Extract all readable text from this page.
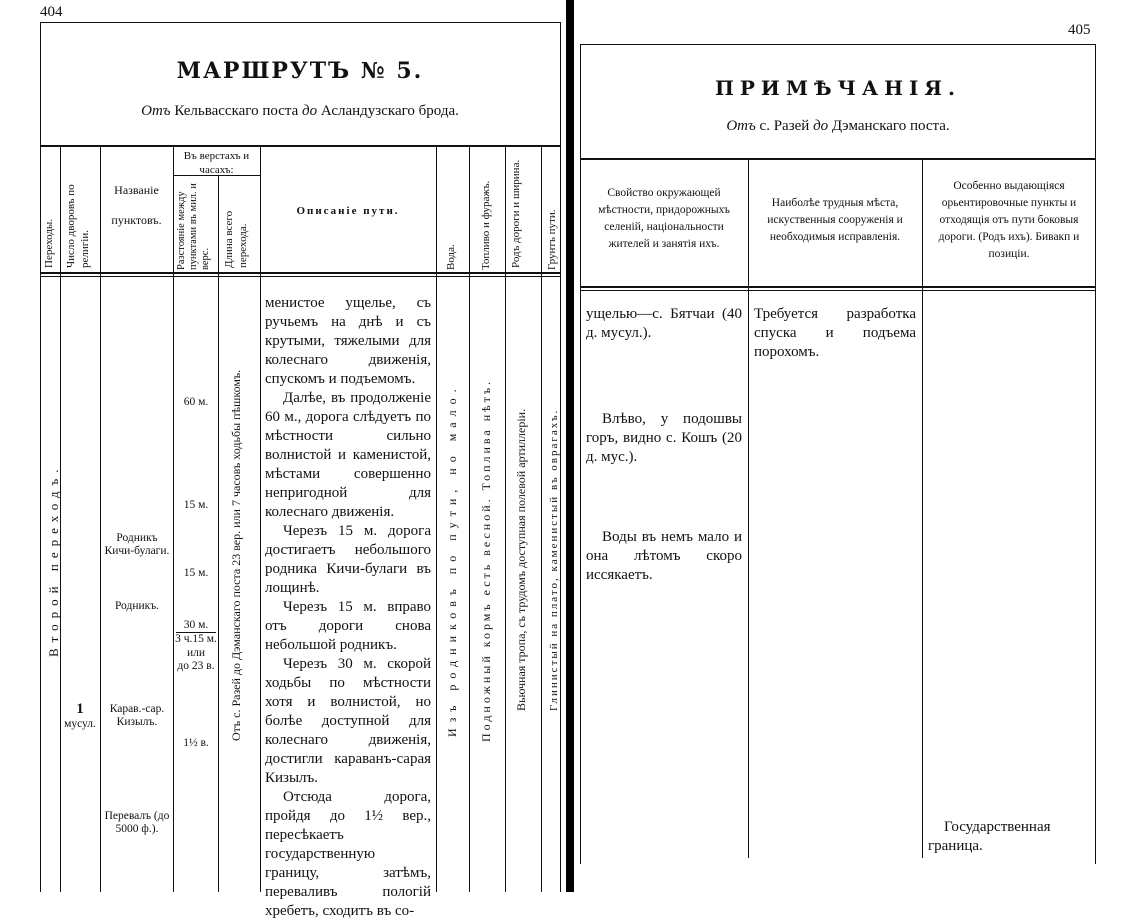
404
МАРШРУТЪ № 5.
Отъ Кельвасскаго поста до Асландузскаго брода.
Переходы. Число дворовъ по религіи.
Названіе
пунктовъ.
Въ верстахъ и часахъ:
Разстояніе между пунктами въ мил. и верс. Длина всего перехода.
Описаніе пути.
Вода. Топливо и фуражъ. Родъ дороги и ширина.	Грунтъ пути.
Второй переходъ.
1
мусул.
Родникъ Кичи-булаги.
Родникъ.
Карав.-сар. Кизылъ.
Перевалъ (до 5000 ф.).
60 м.
15 м.
15 м.
30 м.
3 ч.15 м.
или
до 23 в.
1½ в.
Отъ с. Разей до Дэманскаго поста 23 вер. или 7 часовъ ходьбы пѣшкомъ.
менистое ущелье, съ ручьемъ на днѣ и съ крутыми, тяжелыми для колеснаго движенія, спускомъ и подъемомъ.
Далѣе, въ продолженіе 60 м., дорога слѣдуетъ по мѣстности сильно волнистой и каменистой, мѣстами совершенно непригодной для колеснаго движенія.
Черезъ 15 м. дорога достигаетъ небольшого родника Кичи-булаги въ лощинѣ.
Черезъ 15 м. вправо отъ дороги снова небольшой родникъ.
Черезъ 30 м. скорой ходьбы по мѣстности хотя и волнистой, но болѣе доступной для колеснаго движенія, достигли караванъ-сарая Кизылъ.
Отсюда дорога, пройдя до 1½ вер., пересѣкаетъ государственную границу, затѣмъ, переваливъ пологій хребетъ, сходитъ въ со-
Изъ родниковъ по пути, но мало. Подножный кормъ есть весной. Топлива нѣтъ. Вьючная тропа, съ трудомъ доступная полевой артиллеріи. Глинистый на плато, каменистый въ оврагахъ.
405
ПРИМѢЧАНІЯ.
Отъ с. Разей до Дэманскаго поста.
Свойство окружающей мѣстности, придорожныхъ селеній, національности жителей и занятія ихъ.
Наиболѣе трудныя мѣста, искуственныя сооруженія и необходимыя исправленія.
Особенно выдающіяся орьентировочные пункты и отходящія отъ пути боковыя дороги. (Родъ ихъ). Бивакп и позиціи.
ущелью—с. Бятчаи (40 д. мусул.).
Влѣво, у подошвы горъ, видно с. Кошъ (20 д. мус.).
Воды въ немъ мало и она лѣтомъ скоро иссякаетъ.
Требуется разработка спуска и подъема порохомъ.
Государственная граница.
